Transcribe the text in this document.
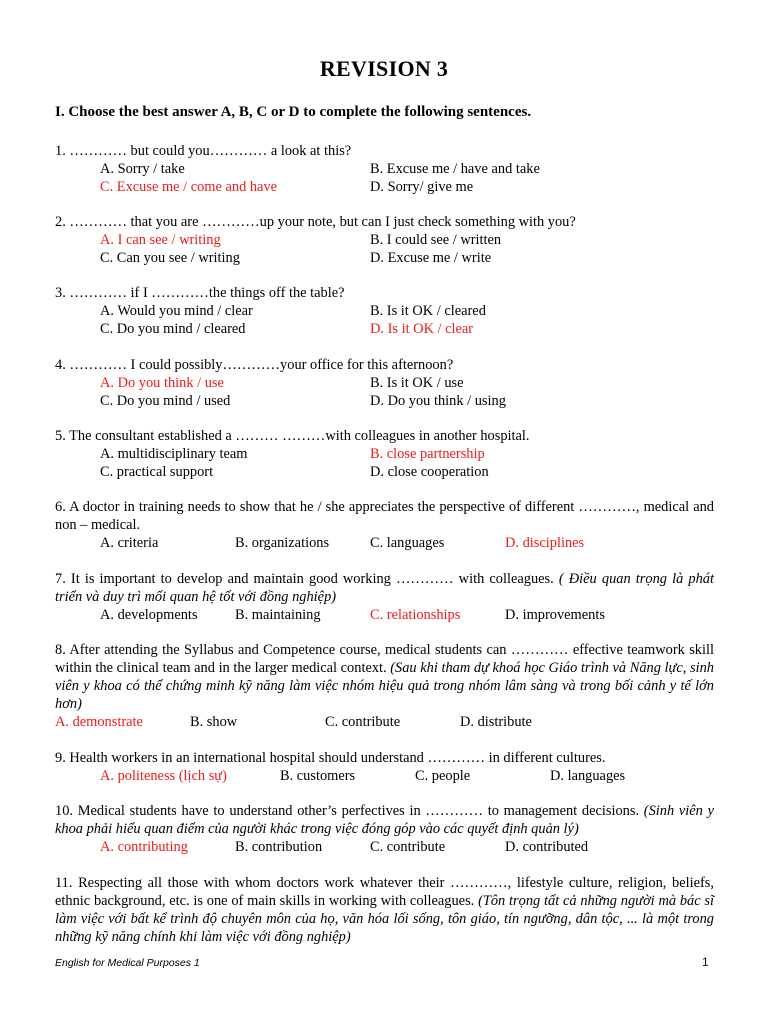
REVISION 3
I. Choose the best answer A, B, C or D to complete the following sentences.
1. ………… but could you………… a look at this?
A. Sorry / take	B. Excuse me / have and take
C. Excuse me / come and have	D. Sorry/ give me
2. ………… that you are …………up your note, but can I just check something with you?
A. I can see / writing	B. I could see / written
C. Can you see / writing	D. Excuse me / write
3. ………… if I …………the things off the table?
A. Would you mind / clear	B. Is it OK / cleared
C. Do you mind / cleared	D. Is it OK / clear
4. ………… I could possibly…………your office for this afternoon?
A. Do you think / use	B. Is it OK / use
C. Do you mind / used	D. Do you think / using
5. The consultant established a ……… ………with colleagues in another hospital.
A. multidisciplinary team	B. close partnership
C. practical support	D. close cooperation
6. A doctor in training needs to show that he / she appreciates the perspective of different …………, medical and non – medical.
A. criteria	B. organizations	C. languages	D. disciplines
7. It is important to develop and maintain good working ………… with colleagues. ( Điều quan trọng là phát triển và duy trì mối quan hệ tốt với đồng nghiệp)
A. developments	B. maintaining	C. relationships	D. improvements
8. After attending the Syllabus and Competence course, medical students can ………… effective teamwork skill within the clinical team and in the larger medical context. (Sau khi tham dự khoá học Giáo trình và Năng lực, sinh viên y khoa có thể chứng minh kỹ năng làm việc nhóm hiệu quả trong nhóm lâm sàng và trong bối cảnh y tế lớn hơn)
A. demonstrate	B. show	C. contribute	D. distribute
9. Health workers in an international hospital should understand ………… in different cultures.
A. politeness (lịch sự)	B. customers	C. people	D. languages
10. Medical students have to understand other’s perfectives in ………… to management decisions. (Sinh viên y khoa phải hiểu quan điểm của người khác trong việc đóng góp vào các quyết định quản lý)
A. contributing	B. contribution	C. contribute	D. contributed
11. Respecting all those with whom doctors work whatever their …………, lifestyle culture, religion, beliefs, ethnic background, etc. is one of main skills in working with colleagues. (Tôn trọng tất cả những người mà bác sĩ làm việc với bất kể trình độ chuyên môn của họ, văn hóa lối sống, tôn giáo, tín ngưỡng, dân tộc, ... là một trong những kỹ năng chính khi làm việc với đồng nghiệp)
English for Medical Purposes 1	1
